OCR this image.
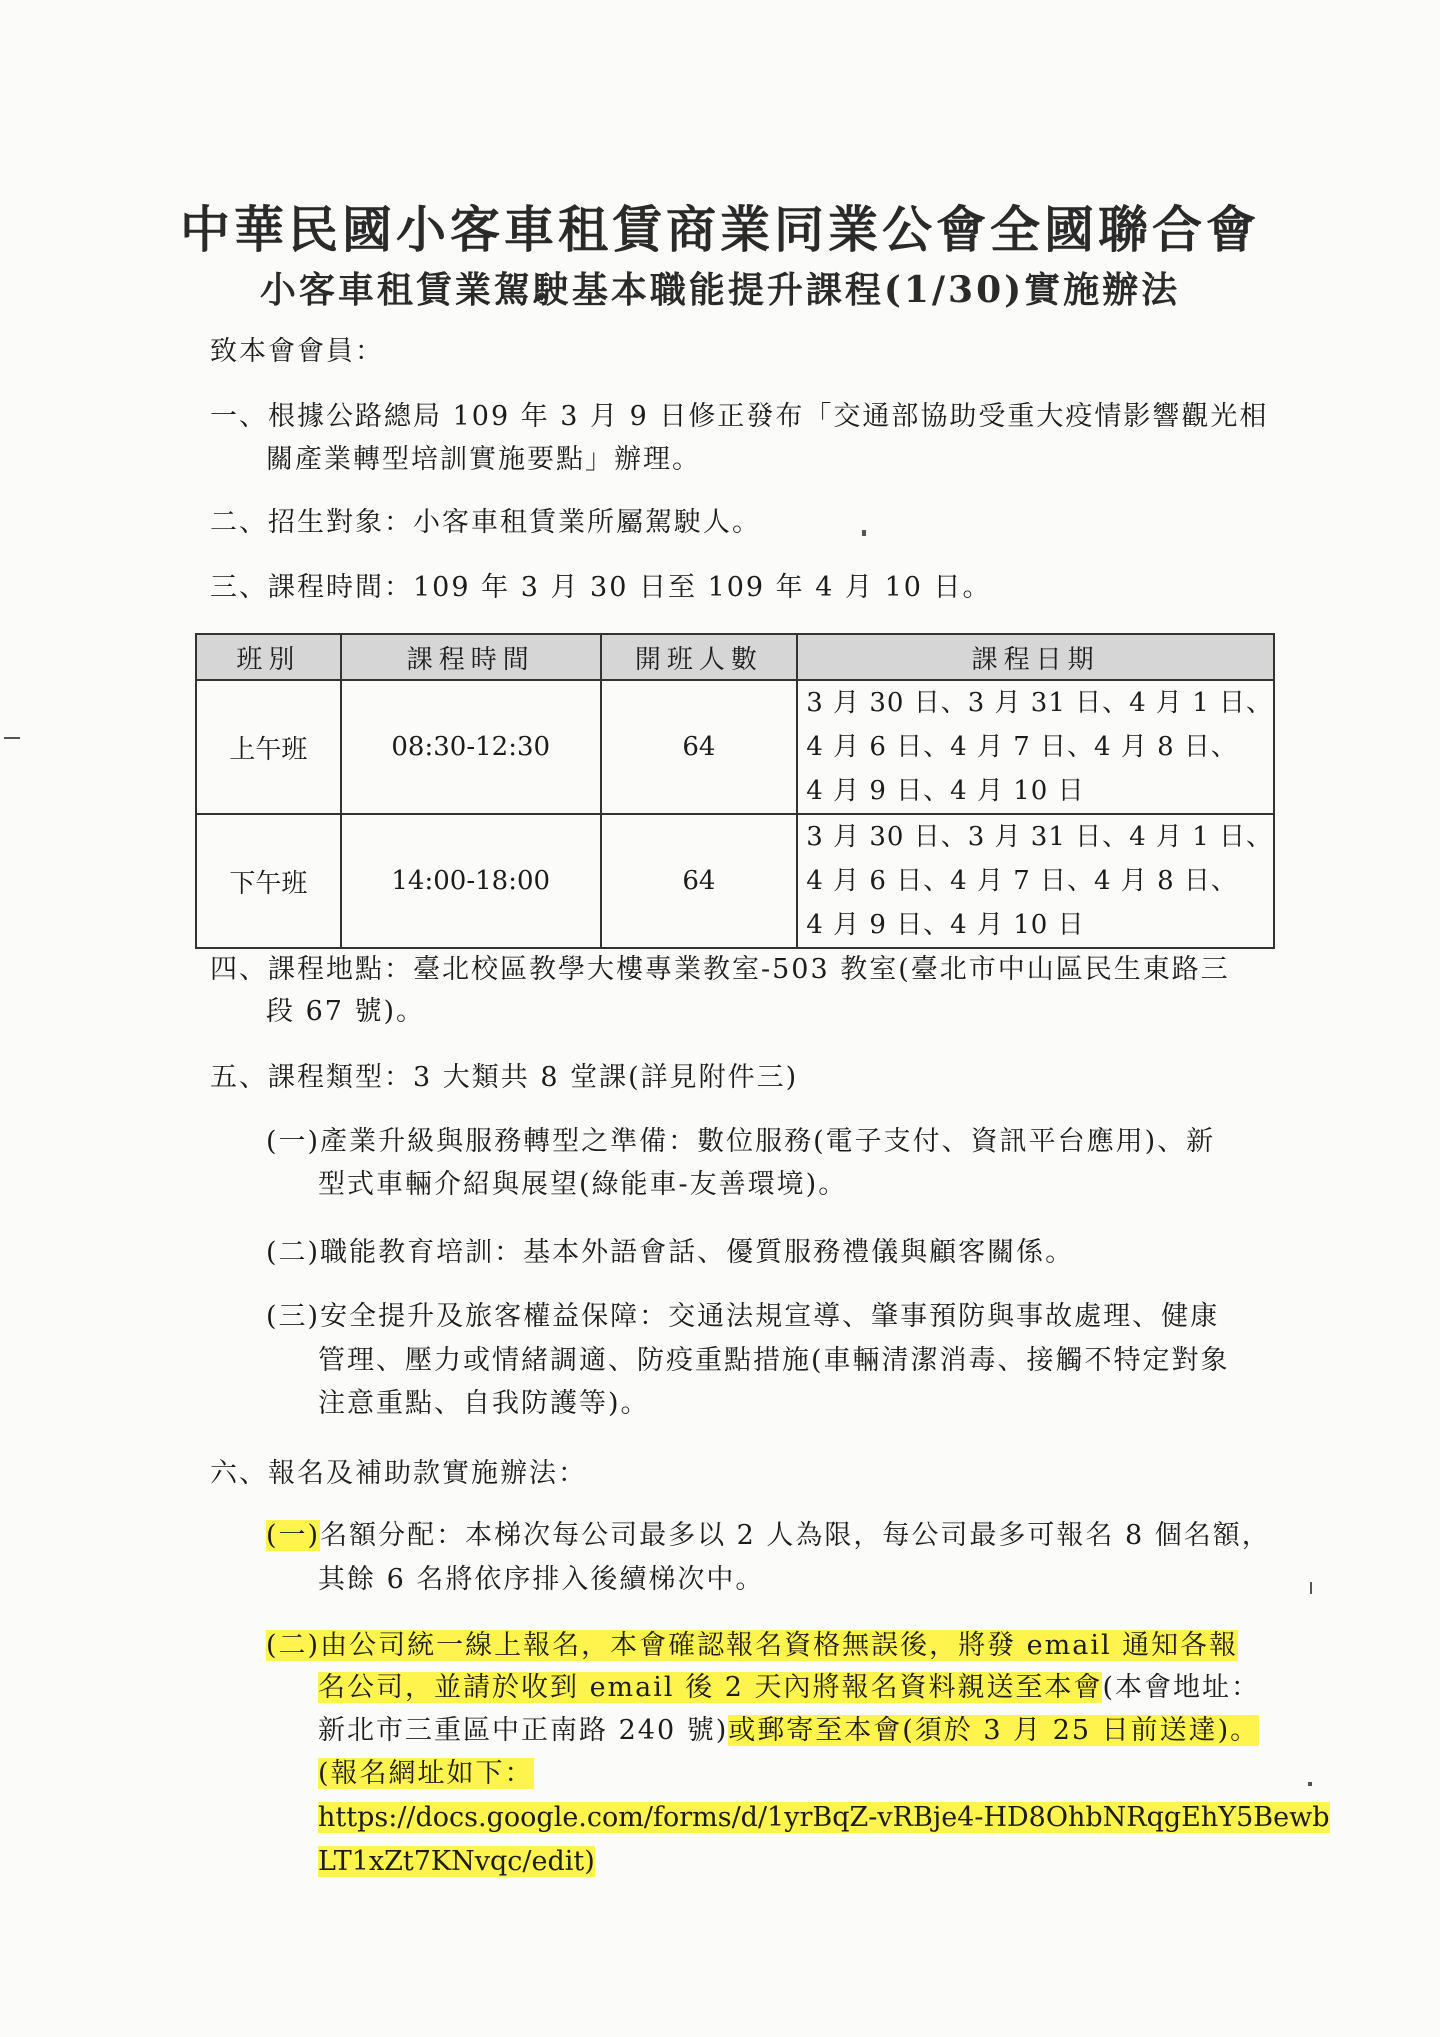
中華民國小客車租賃商業同業公會全國聯合會
小客車租賃業駕駛基本職能提升課程(1/30)實施辦法
致本會會員：
一、根據公路總局 109 年 3 月 9 日修正發布「交通部協助受重大疫情影響觀光相
關產業轉型培訓實施要點」辦理。
二、招生對象：小客車租賃業所屬駕駛人。
三、課程時間：109 年 3 月 30 日至 109 年 4 月 10 日。
班別	課程時間	開班人數	課程日期
上午班	08:30-12:30	64	3 月 30 日、3 月 31 日、4 月 1 日、
4 月 6 日、4 月 7 日、4 月 8 日、
4 月 9 日、4 月 10 日

下午班	14:00-18:00	64	3 月 30 日、3 月 31 日、4 月 1 日、
4 月 6 日、4 月 7 日、4 月 8 日、
4 月 9 日、4 月 10 日
四、課程地點：臺北校區教學大樓專業教室-503 教室(臺北市中山區民生東路三
段 67 號)。
五、課程類型：3 大類共 8 堂課(詳見附件三)
(一)產業升級與服務轉型之準備：數位服務(電子支付、資訊平台應用)、新
型式車輛介紹與展望(綠能車-友善環境)。
(二)職能教育培訓：基本外語會話、優質服務禮儀與顧客關係。
(三)安全提升及旅客權益保障：交通法規宣導、肇事預防與事故處理、健康
管理、壓力或情緒調適、防疫重點措施(車輛清潔消毒、接觸不特定對象
注意重點、自我防護等)。
六、報名及補助款實施辦法：
(一)名額分配：本梯次每公司最多以 2 人為限，每公司最多可報名 8 個名額，
其餘 6 名將依序排入後續梯次中。
(二)由公司統一線上報名，本會確認報名資格無誤後，將發 email 通知各報
名公司，並請於收到 email 後 2 天內將報名資料親送至本會(本會地址：
新北市三重區中正南路 240 號)或郵寄至本會(須於 3 月 25 日前送達)。
(報名網址如下：
https://docs.google.com/forms/d/1yrBqZ-vRBje4-HD8OhbNRqgEhY5Bewb
LT1xZt7KNvqc/edit)
